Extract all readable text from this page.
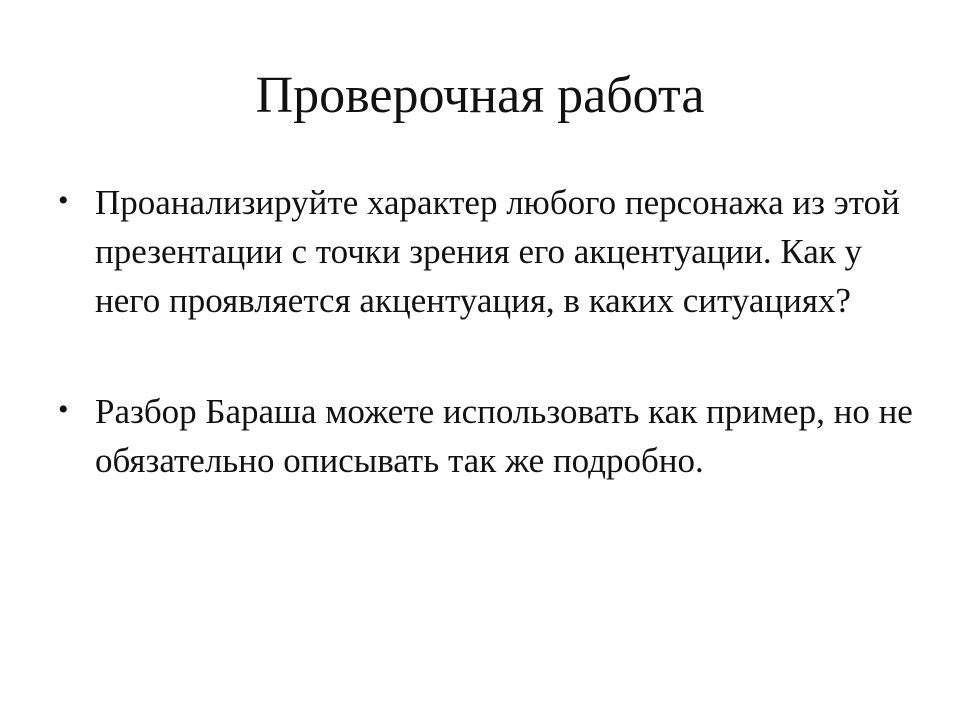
Проверочная работа
• Проанализируйте характер любого персонажа из этой презентации с точки зрения его акцентуации. Как у него проявляется акцентуация, в каких ситуациях?
• Разбор Бараша можете использовать как пример, но не обязательно описывать так же подробно.
